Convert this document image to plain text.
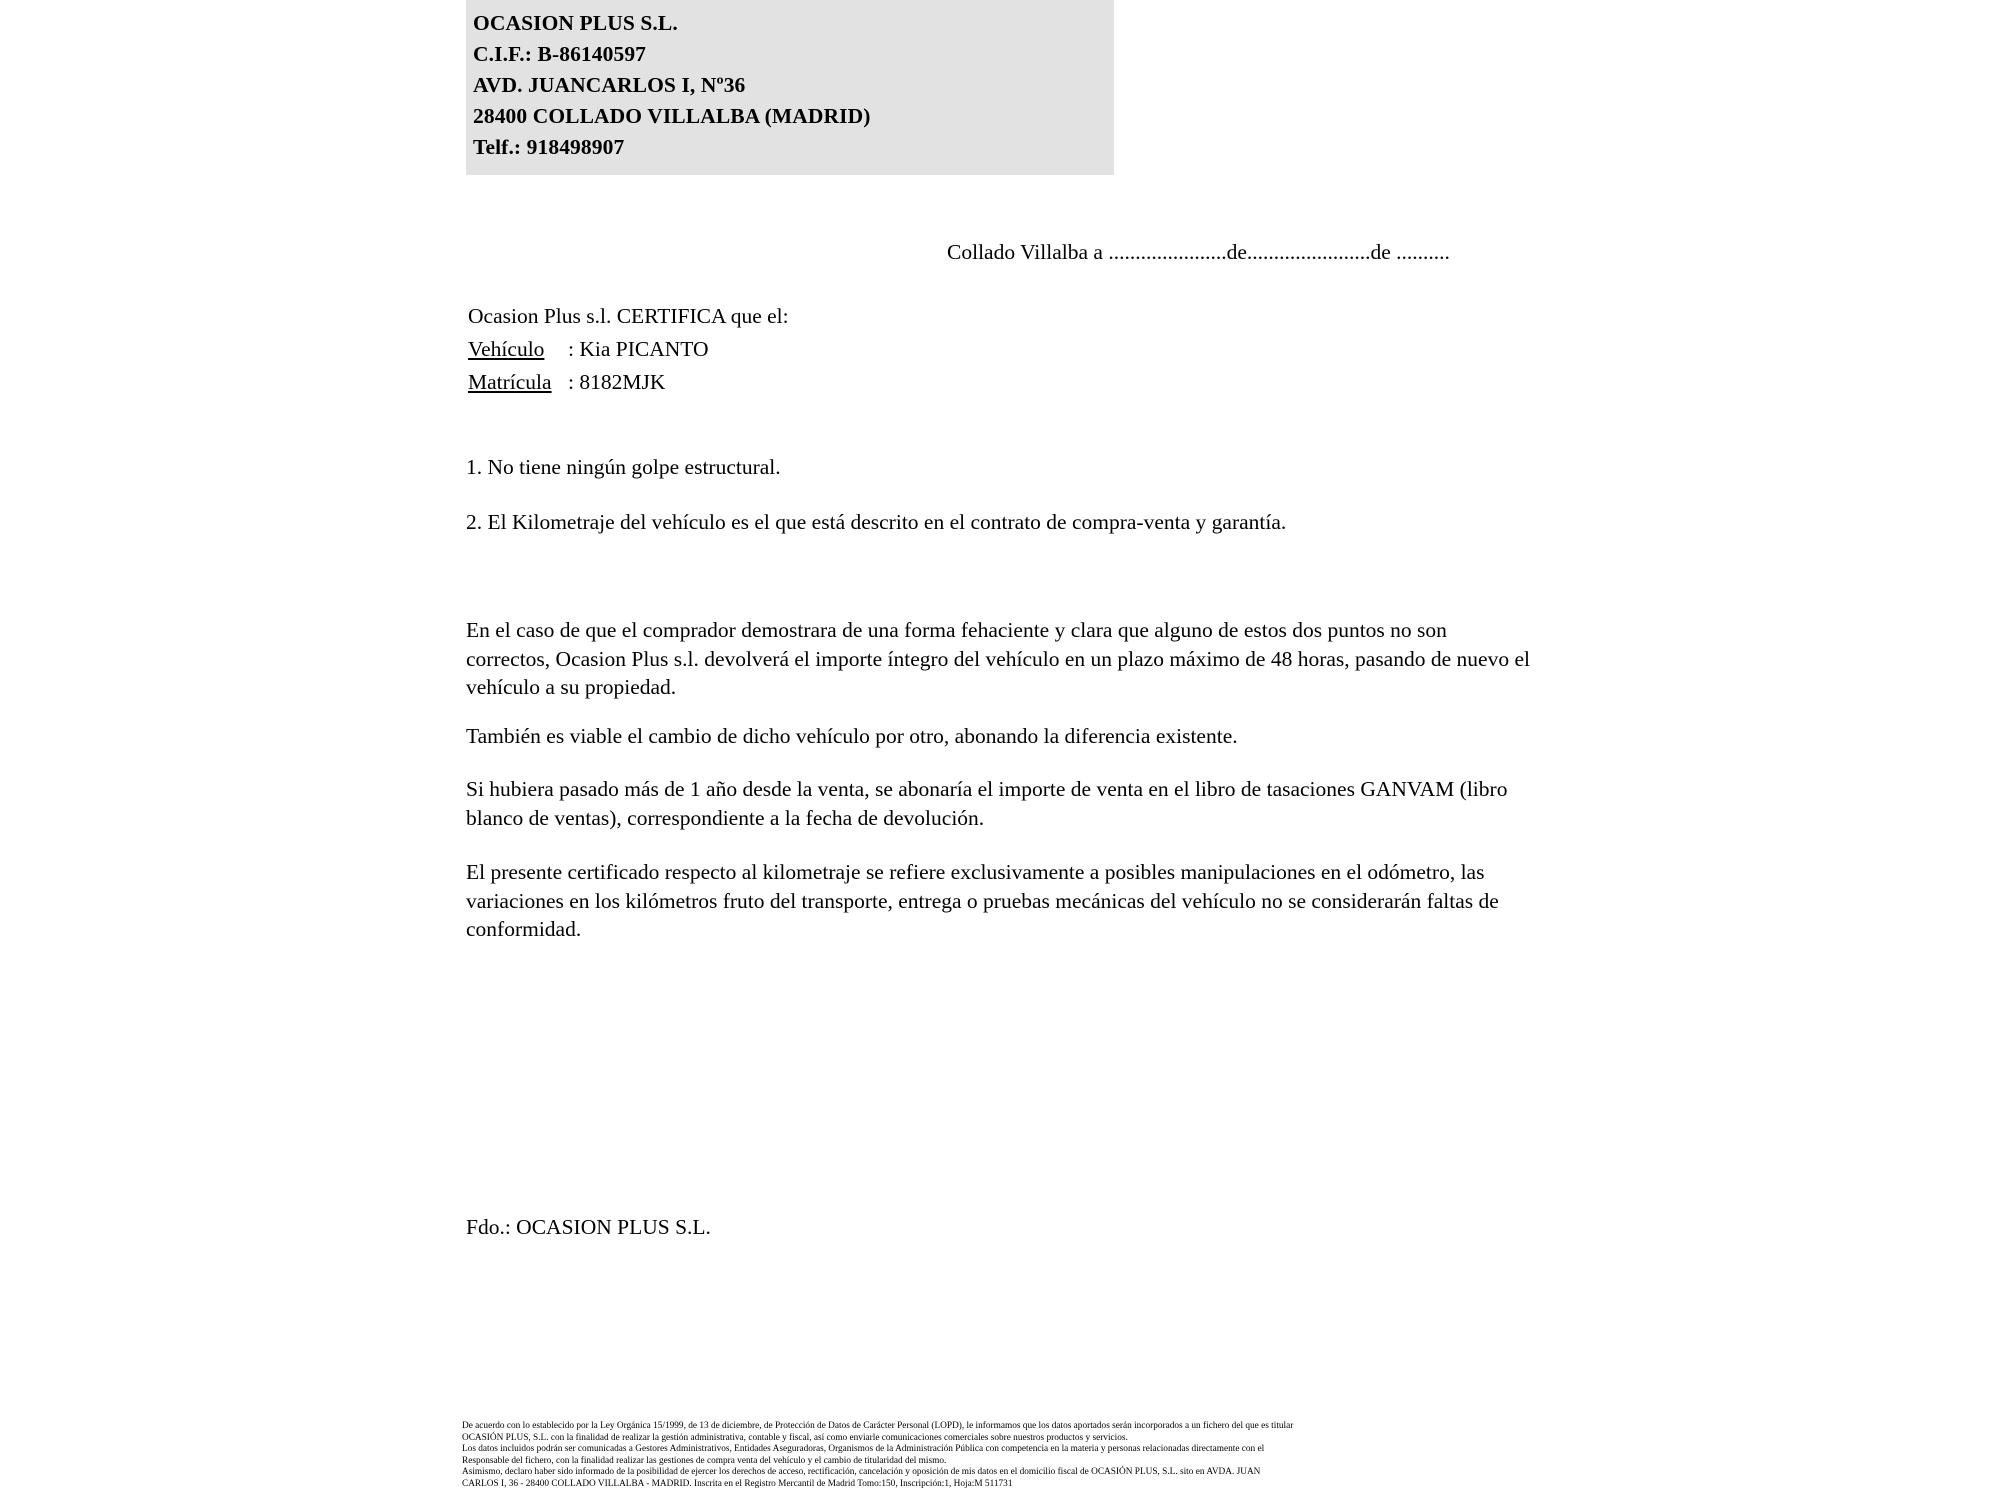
OCASION PLUS S.L.
C.I.F.: B-86140597
AVD. JUANCARLOS I, Nº36
28400 COLLADO VILLALBA (MADRID)
Telf.: 918498907
Collado Villalba a ......................de.......................de ..........
Ocasion Plus s.l. CERTIFICA que el:
Vehículo : Kia PICANTO
Matrícula : 8182MJK
1. No tiene ningún golpe estructural.
2. El Kilometraje del vehículo es el que está descrito en el contrato de compra-venta y garantía.
En el caso de que el comprador demostrara de una forma fehaciente y clara que alguno de estos dos puntos no son correctos, Ocasion Plus s.l. devolverá el importe íntegro del vehículo en un plazo máximo de 48 horas, pasando de nuevo el vehículo a su propiedad.
También es viable el cambio de dicho vehículo por otro, abonando la diferencia existente.
Si hubiera pasado más de 1 año desde la venta, se abonaría el importe de venta en el libro de tasaciones GANVAM (libro blanco de ventas), correspondiente a la fecha de devolución.
El presente certificado respecto al kilometraje se refiere exclusivamente a posibles manipulaciones en el odómetro, las variaciones en los kilómetros fruto del transporte, entrega o pruebas mecánicas del vehículo no se considerarán faltas de conformidad.
Fdo.: OCASION PLUS S.L.
De acuerdo con lo establecido por la Ley Orgánica 15/1999, de 13 de diciembre, de Protección de Datos de Carácter Personal (LOPD), le informamos que los datos aportados serán incorporados a un fichero del que es titular
OCASIÓN PLUS, S.L. con la finalidad de realizar la gestión administrativa, contable y fiscal, así como enviarle comunicaciones comerciales sobre nuestros productos y servicios.
Los datos incluidos podrán ser comunicadas a Gestores Administrativos, Entidades Aseguradoras, Organismos de la Administración Pública con competencia en la materia y personas relacionadas directamente con el
Responsable del fichero, con la finalidad realizar las gestiones de compra venta del vehículo y el cambio de titularidad del mismo.
Asimismo, declaro haber sido informado de la posibilidad de ejercer los derechos de acceso, rectificación, cancelación y oposición de mis datos en el domicilio fiscal de OCASIÓN PLUS, S.L. sito en AVDA. JUAN
CARLOS I, 36 - 28400 COLLADO VILLALBA - MADRID. Inscrita en el Registro Mercantil de Madrid Tomo:150, Inscripción:1, Hoja:M 511731
